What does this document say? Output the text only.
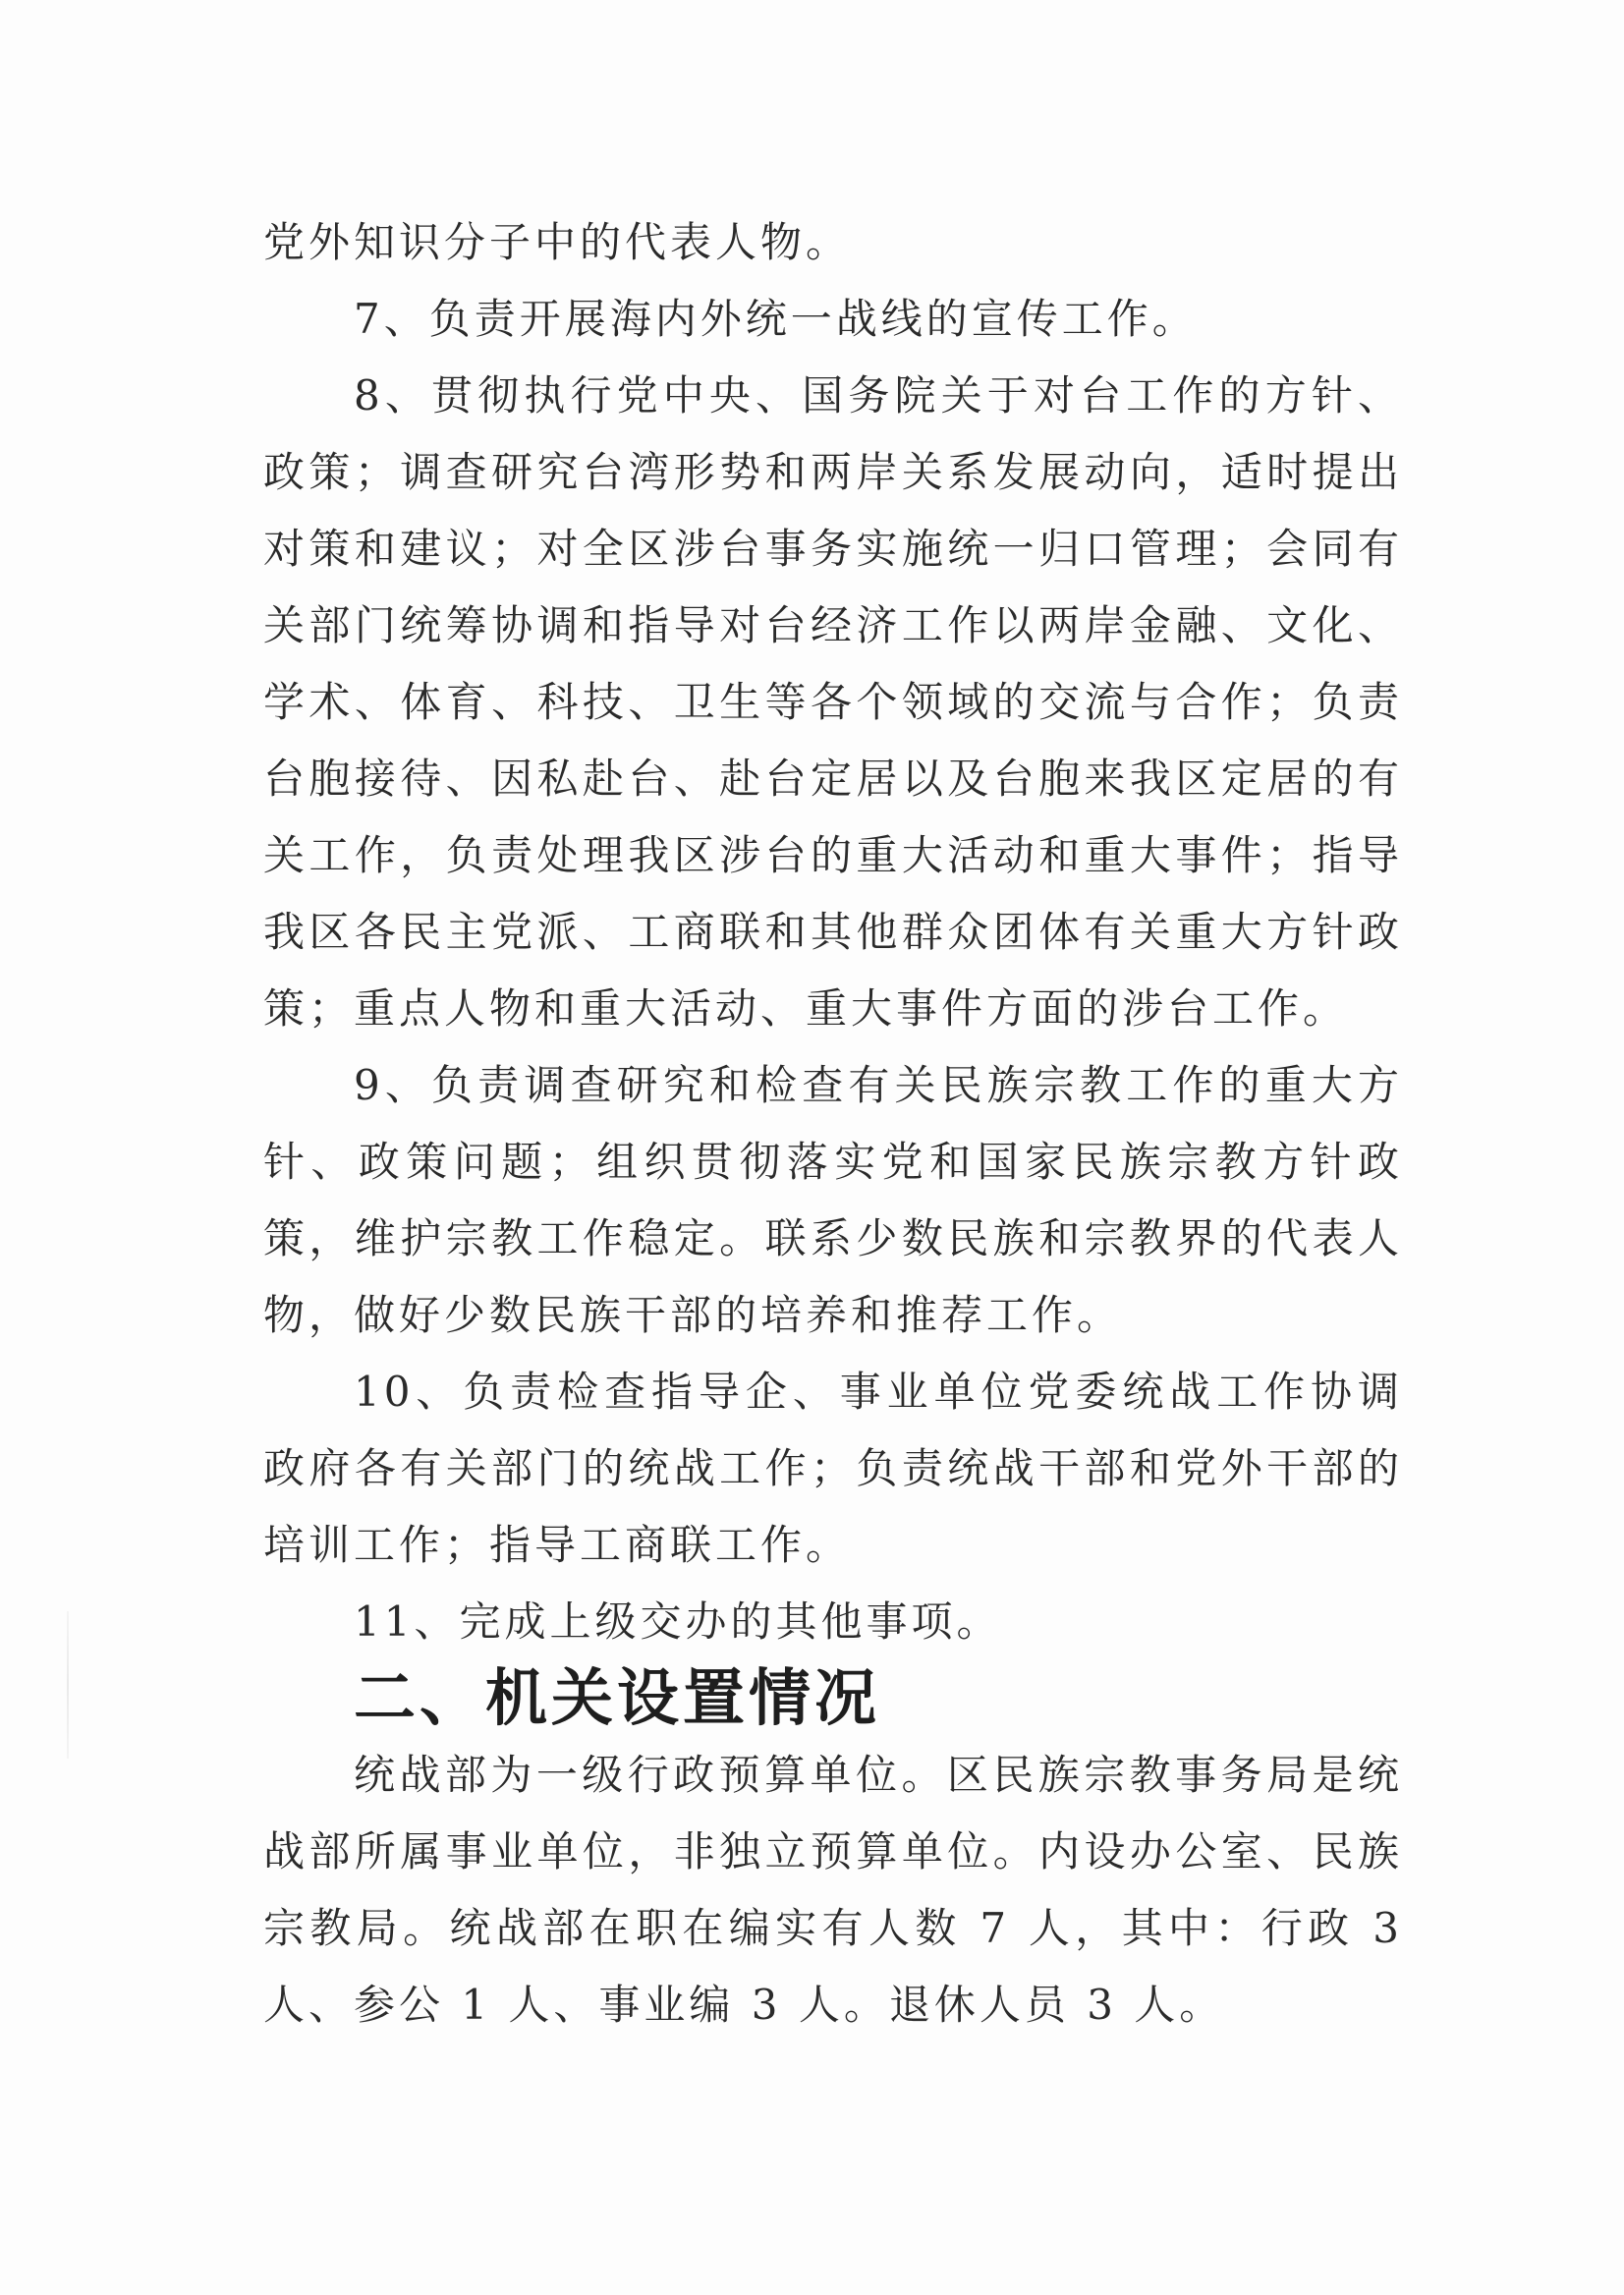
党外知识分子中的代表人物。

7、负责开展海内外统一战线的宣传工作。

8、贯彻执行党中央、国务院关于对台工作的方针、政策；调查研究台湾形势和两岸关系发展动向，适时提出对策和建议；对全区涉台事务实施统一归口管理；会同有关部门统筹协调和指导对台经济工作以两岸金融、文化、学术、体育、科技、卫生等各个领域的交流与合作；负责台胞接待、因私赴台、赴台定居以及台胞来我区定居的有关工作，负责处理我区涉台的重大活动和重大事件；指导我区各民主党派、工商联和其他群众团体有关重大方针政策；重点人物和重大活动、重大事件方面的涉台工作。

9、负责调查研究和检查有关民族宗教工作的重大方针、政策问题；组织贯彻落实党和国家民族宗教方针政策，维护宗教工作稳定。联系少数民族和宗教界的代表人物，做好少数民族干部的培养和推荐工作。

10、负责检查指导企、事业单位党委统战工作协调政府各有关部门的统战工作；负责统战干部和党外干部的培训工作；指导工商联工作。

11、完成上级交办的其他事项。

二、机关设置情况

统战部为一级行政预算单位。区民族宗教事务局是统战部所属事业单位，非独立预算单位。内设办公室、民族宗教局。统战部在职在编实有人数 7 人，其中：行政 3 人、参公 1 人、事业编 3 人。退休人员 3 人。
